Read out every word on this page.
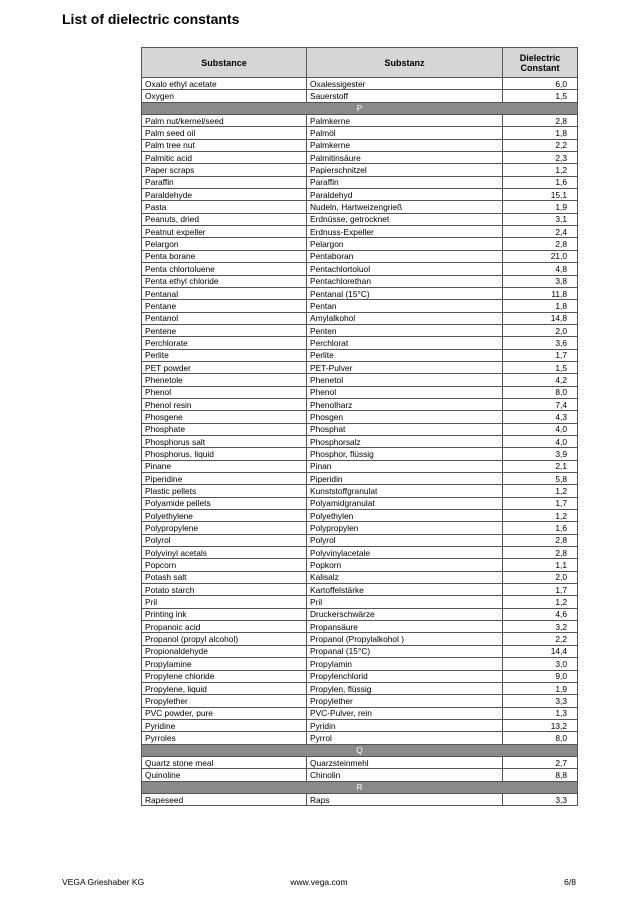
List of dielectric constants
Substance	Substanz	Dielectric Constant
Oxalo ethyl acetate	Oxalessigester	6,0
Oxygen	Sauerstoff	1,5
P		
Palm nut/kernel/seed	Palmkerne	2,8
Palm seed oil	Palmöl	1,8
Palm tree nut	Palmkerne	2,2
Palmitic acid	Palmitinsäure	2,3
Paper scraps	Papierschnitzel	1,2
Paraffin	Paraffin	1,6
Paraldehyde	Paraldehyd	15,1
Pasta	Nudeln, Hartweizengrieß	1,9
Peanuts, dried	Erdnüsse, getrocknet	3,1
Peatnut expeller	Erdnuss-Expeller	2,4
Pelargon	Pelargon	2,8
Penta borane	Pentaboran	21,0
Penta chlortoluene	Pentachlortoluol	4,8
Penta ethyl chloride	Pentachlorethan	3,8
Pentanal	Pentanal (15°C)	11,8
Pentane	Pentan	1,8
Pentanol	Amylalkohol	14,8
Pentene	Penten	2,0
Perchlorate	Perchlorat	3,6
Perlite	Perlite	1,7
PET powder	PET-Pulver	1,5
Phenetole	Phenetol	4,2
Phenol	Phenol	8,0
Phenol resin	Phenolharz	7,4
Phosgene	Phosgen	4,3
Phosphate	Phosphat	4,0
Phosphorus salt	Phosphorsalz	4,0
Phosphorus, liquid	Phosphor, flüssig	3,9
Pinane	Pinan	2,1
Piperidine	Piperidin	5,8
Plastic pellets	Kunststoffgranulat	1,2
Polyamide pellets	Polyamidgranulat	1,7
Polyethylene	Polyethylen	1,2
Polypropylene	Polypropylen	1,6
Polyrol	Polyrol	2,8
Polyvinyl acetals	Polyvinylacetale	2,8
Popcorn	Popkorn	1,1
Potash salt	Kalisalz	2,0
Potato starch	Kartoffelstärke	1,7
Pril	Pril	1,2
Printing ink	Druckerschwärze	4,6
Propanoic acid	Propansäure	3,2
Propanol (propyl alcohol)	Propanol (Propylalkohol )	2,2
Propionaldehyde	Propanal (15°C)	14,4
Propylamine	Propylamin	3,0
Propylene chloride	Propylenchlorid	9,0
Propylene, liquid	Propylen, flüssig	1,9
Propylether	Propylether	3,3
PVC powder, pure	PVC-Pulver, rein	1,3
Pyridine	Pyridin	13,2
Pyrroles	Pyrrol	8,0
Q		
Quartz stone meal	Quarzsteinmehl	2,7
Quinoline	Chinolin	8,8
R		
Rapeseed	Raps	3,3
VEGA Grieshaber KG	www.vega.com	6/8
